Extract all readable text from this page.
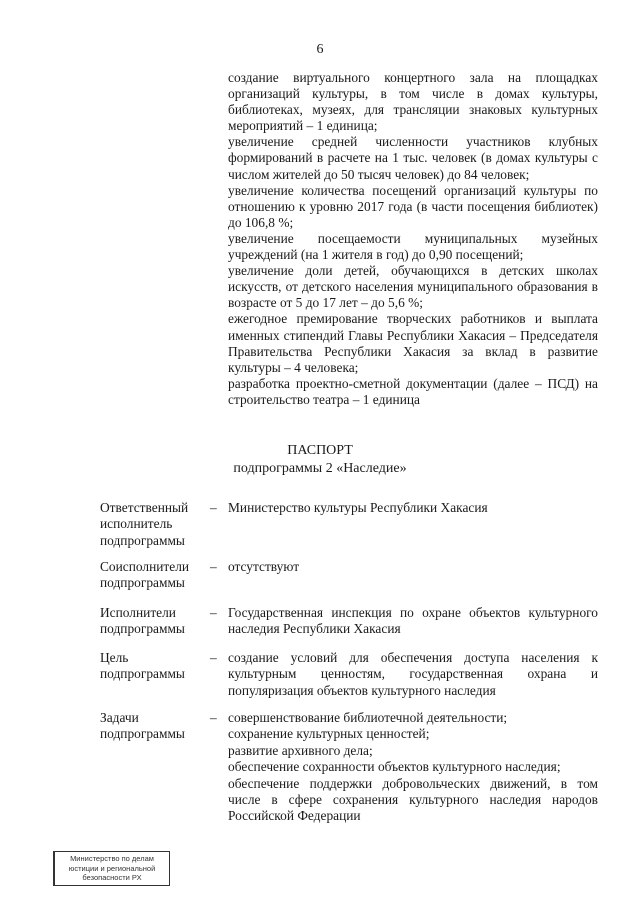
6

создание виртуального концертного зала на площадках организаций культуры, в том числе в домах культуры, библиотеках, музеях, для трансляции знаковых культурных мероприятий – 1 единица;

увеличение средней численности участников клубных формирований в расчете на 1 тыс. человек (в домах культуры с числом жителей до 50 тысяч человек) до 84 человек;

увеличение количества посещений организаций культуры по отношению к уровню 2017 года (в части посещения библиотек) до 106,8 %;

увеличение посещаемости муниципальных музейных учреждений (на 1 жителя в год) до 0,90 посещений;

увеличение доли детей, обучающихся в детских школах искусств, от детского населения муниципального образования в возрасте от 5 до 17 лет – до 5,6 %;

ежегодное премирование творческих работников и выплата именных стипендий Главы Республики Хакасия – Председателя Правительства Республики Хакасия за вклад в развитие культуры – 4 человека;

разработка проектно-сметной документации (далее – ПСД) на строительство театра – 1 единица

ПАСПОРТ
подпрограммы 2 «Наследие»
Ответственный исполнитель подпрограммы
– Министерство культуры Республики Хакасия

Соисполнители подпрограммы
– отсутствуют

Исполнители подпрограммы
– Государственная инспекция по охране объектов культурного наследия Республики Хакасия

Цель подпрограммы
– создание условий для обеспечения доступа населения к культурным ценностям, государственная охрана и популяризация объектов культурного наследия

Задачи подпрограммы
– совершенствование библиотечной деятельности;

сохранение культурных ценностей;

развитие архивного дела;

обеспечение сохранности объектов культурного наследия;

обеспечение поддержки добровольческих движений, в том числе в сфере сохранения культурного наследия народов Российской Федерации

Министерство по делам
юстиции и региональной
безопасности РХ
